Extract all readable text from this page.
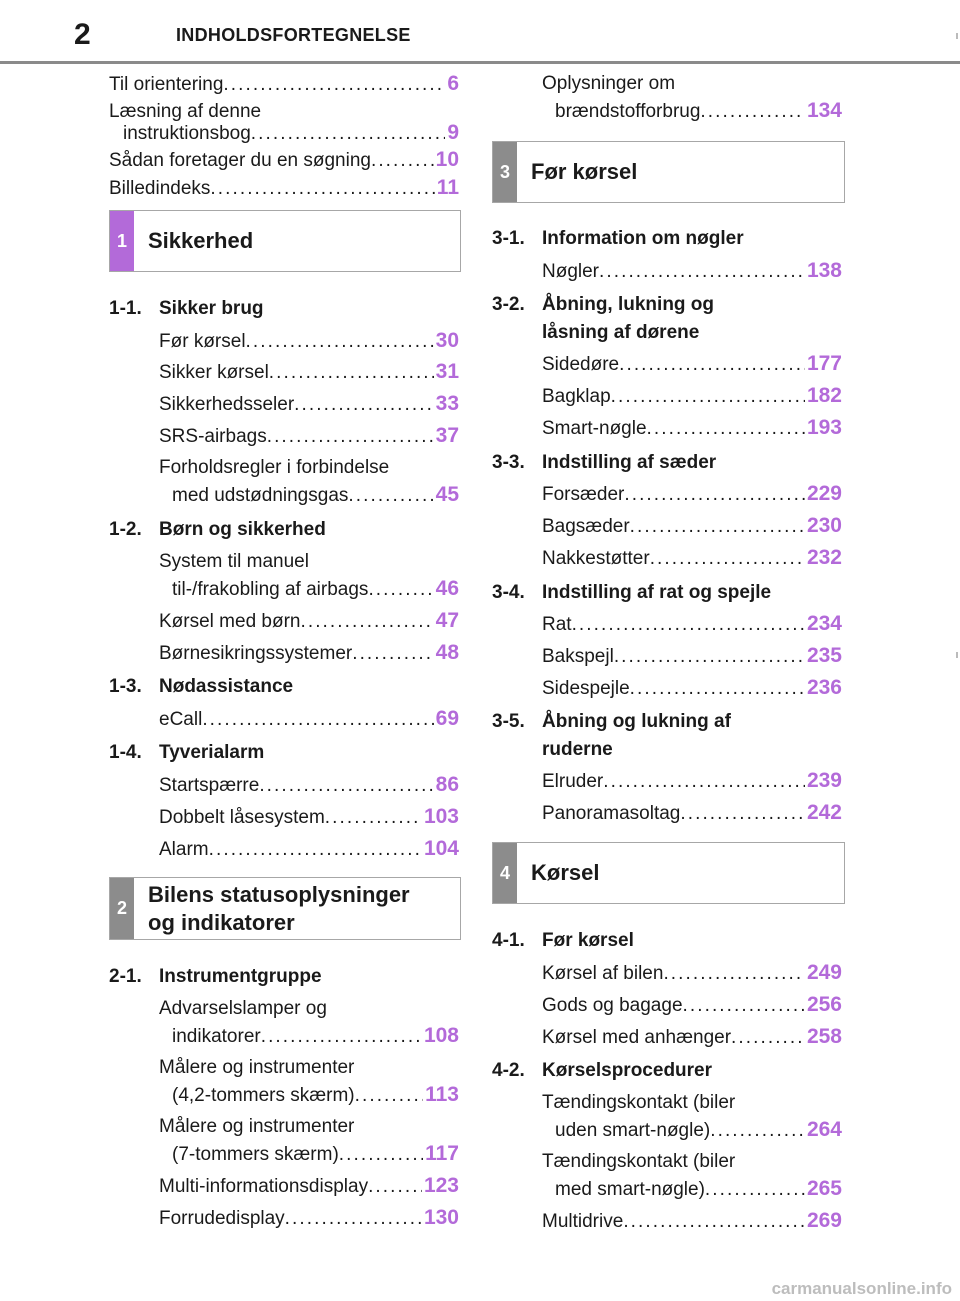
2	INDHOLDSFORTEGNELSE
Til orientering . . .	6
Læsning af denne
instruktionsbog . . .	9
Sådan foretager du en søgning . . .	10
Billedindeks . . .	11
1 Sikkerhed
1-1. Sikker brug
Før kørsel . . .	30
Sikker kørsel . . .	31
Sikkerhedsseler . . .	33
SRS-airbags . . .	37
Forholdsregler i forbindelse
med udstødningsgas . . .	45
1-2. Børn og sikkerhed
System til manuel
til-/frakobling af airbags . . .	46
Kørsel med børn . . .	47
Børnesikringssystemer . . .	48
1-3. Nødassistance
eCall . . .	69
1-4. Tyverialarm
Startspærre . . .	86
Dobbelt låsesystem . . .	103
Alarm . . .	104
2
Bilens statusoplysninger
og indikatorer
2-1. Instrumentgruppe
Advarselslamper og
indikatorer . . .	108
Målere og instrumenter
(4,2-tommers skærm) . . .	113
Målere og instrumenter
(7-tommers skærm) . . .	117
Multi-informationsdisplay . . .	123
Forrudedisplay . . .	130
Oplysninger om
brændstofforbrug . . .	134
3 Før kørsel
3-1. Information om nøgler
Nøgler . . .	138
3-2. Åbning, lukning og
låsning af dørene
Sidedøre . . .	177
Bagklap . . .	182
Smart-nøgle . . .	193
3-3. Indstilling af sæder
Forsæder . . .	229
Bagsæder . . .	230
Nakkestøtter . . .	232
3-4. Indstilling af rat og spejle
Rat . . .	234
Bakspejl . . .	235
Sidespejle . . .	236
3-5. Åbning og lukning af
ruderne
Elruder . . .	239
Panoramasoltag . . .	242
4 Kørsel
4-1. Før kørsel
Kørsel af bilen . . .	249
Gods og bagage . . .	256
Kørsel med anhænger . . .	258
4-2. Kørselsprocedurer
Tændingskontakt (biler
uden smart-nøgle) . . .	264
Tændingskontakt (biler
med smart-nøgle) . . .	265
Multidrive . . .	269
carmanualsonline.info
